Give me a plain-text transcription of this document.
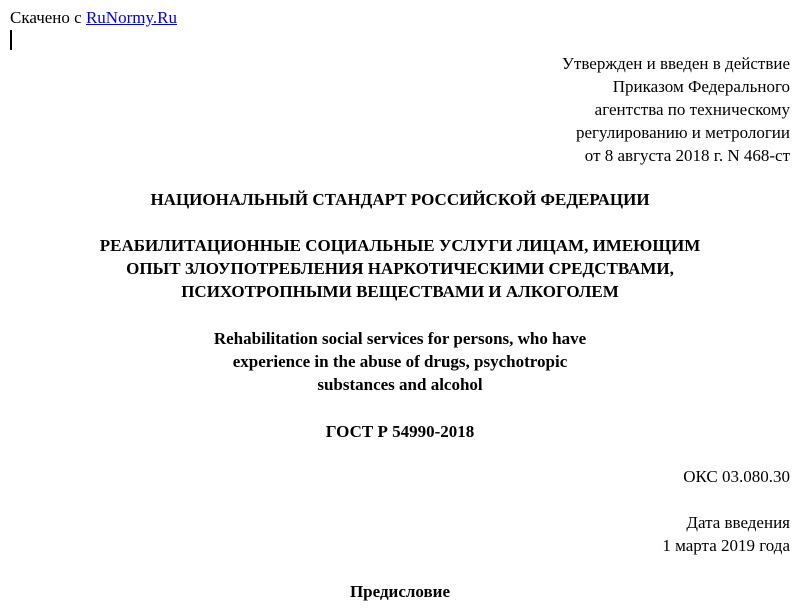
Скачено с RuNormy.Ru
Утвержден и введен в действие
Приказом Федерального
агентства по техническому
регулированию и метрологии
от 8 августа 2018 г. N 468-ст
НАЦИОНАЛЬНЫЙ СТАНДАРТ РОССИЙСКОЙ ФЕДЕРАЦИИ
РЕАБИЛИТАЦИОННЫЕ СОЦИАЛЬНЫЕ УСЛУГИ ЛИЦАМ, ИМЕЮЩИМ
ОПЫТ ЗЛОУПОТРЕБЛЕНИЯ НАРКОТИЧЕСКИМИ СРЕДСТВАМИ,
ПСИХОТРОПНЫМИ ВЕЩЕСТВАМИ И АЛКОГОЛЕМ
Rehabilitation social services for persons, who have
experience in the abuse of drugs, psychotropic
substances and alcohol
ГОСТ Р 54990-2018
ОКС 03.080.30
Дата введения
1 марта 2019 года
Предисловие
